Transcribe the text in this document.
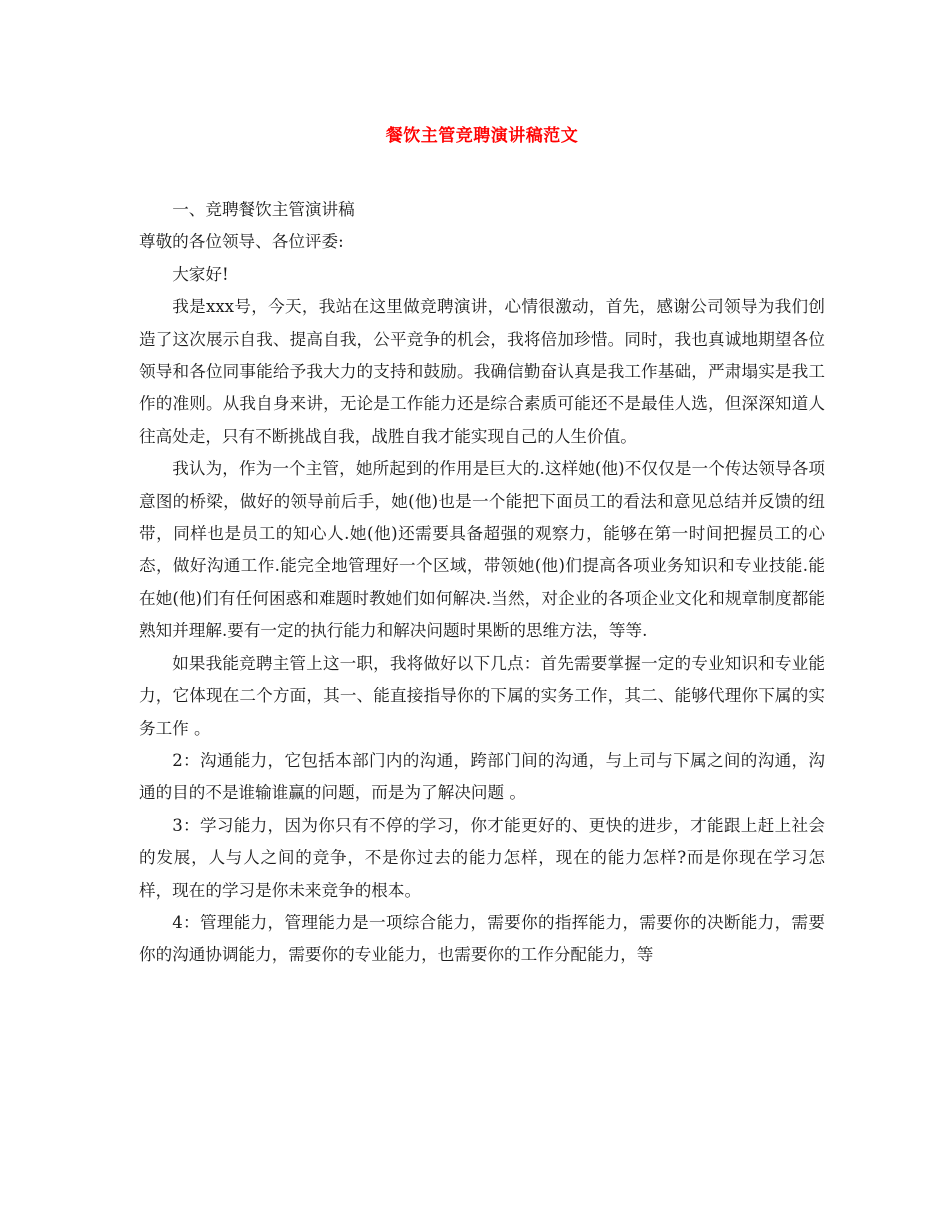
餐饮主管竞聘演讲稿范文

一、竞聘餐饮主管演讲稿

尊敬的各位领导、各位评委:

大家好!

我是xxx号，今天，我站在这里做竞聘演讲，心情很激动，首先，感谢公司领导为我们创造了这次展示自我、提高自我，公平竞争的机会，我将倍加珍惜。同时，我也真诚地期望各位领导和各位同事能给予我大力的支持和鼓励。我确信勤奋认真是我工作基础，严肃塌实是我工作的准则。从我自身来讲，无论是工作能力还是综合素质可能还不是最佳人选，但深深知道人往高处走，只有不断挑战自我，战胜自我才能实现自己的人生价值。

我认为，作为一个主管，她所起到的作用是巨大的.这样她(他)不仅仅是一个传达领导各项意图的桥梁，做好的领导前后手，她(他)也是一个能把下面员工的看法和意见总结并反馈的纽带，同样也是员工的知心人.她(他)还需要具备超强的观察力，能够在第一时间把握员工的心态，做好沟通工作.能完全地管理好一个区域，带领她(他)们提高各项业务知识和专业技能.能在她(他)们有任何困惑和难题时教她们如何解决.当然，对企业的各项企业文化和规章制度都能熟知并理解.要有一定的执行能力和解决问题时果断的思维方法，等等.

如果我能竞聘主管上这一职，我将做好以下几点：首先需要掌握一定的专业知识和专业能力，它体现在二个方面，其一、能直接指导你的下属的实务工作，其二、能够代理你下属的实务工作 。

2：沟通能力，它包括本部门内的沟通，跨部门间的沟通，与上司与下属之间的沟通，沟通的目的不是谁输谁赢的问题，而是为了解决问题 。

3：学习能力，因为你只有不停的学习，你才能更好的、更快的进步，才能跟上赶上社会的发展，人与人之间的竞争，不是你过去的能力怎样，现在的能力怎样?而是你现在学习怎样，现在的学习是你未来竞争的根本。

4：管理能力，管理能力是一项综合能力，需要你的指挥能力，需要你的决断能力，需要你的沟通协调能力，需要你的专业能力，也需要你的工作分配能力，等
